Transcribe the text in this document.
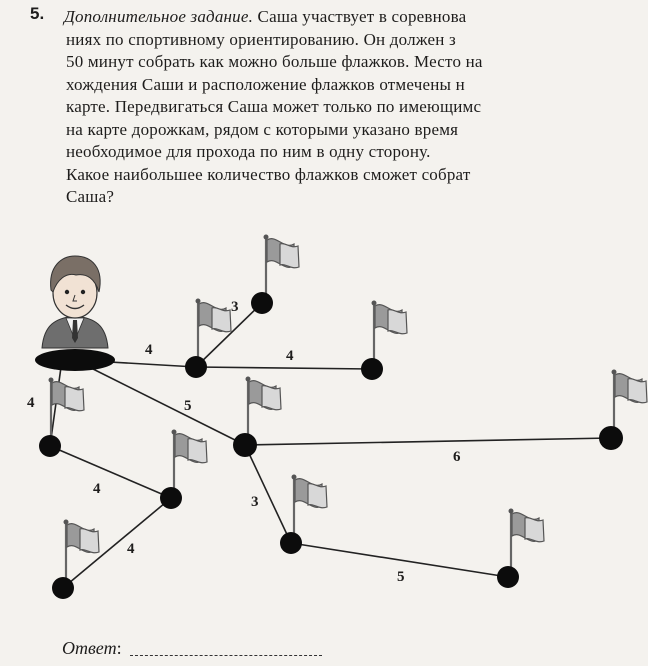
5. Дополнительное задание. Саша участвует в соревнова
ниях по спортивному ориентированию. Он должен з
50 минут собрать как можно больше флажков. Место на
хождения Саши и расположение флажков отмечены н
карте. Передвигаться Саша может только по имеющимс
на карте дорожкам, рядом с которыми указано время
необходимое для прохода по ним в одну сторону.
Какое наибольшее количество флажков сможет собрат
Саша?
4
3
4
5
4
4
4
6
3
5
Ответ:
